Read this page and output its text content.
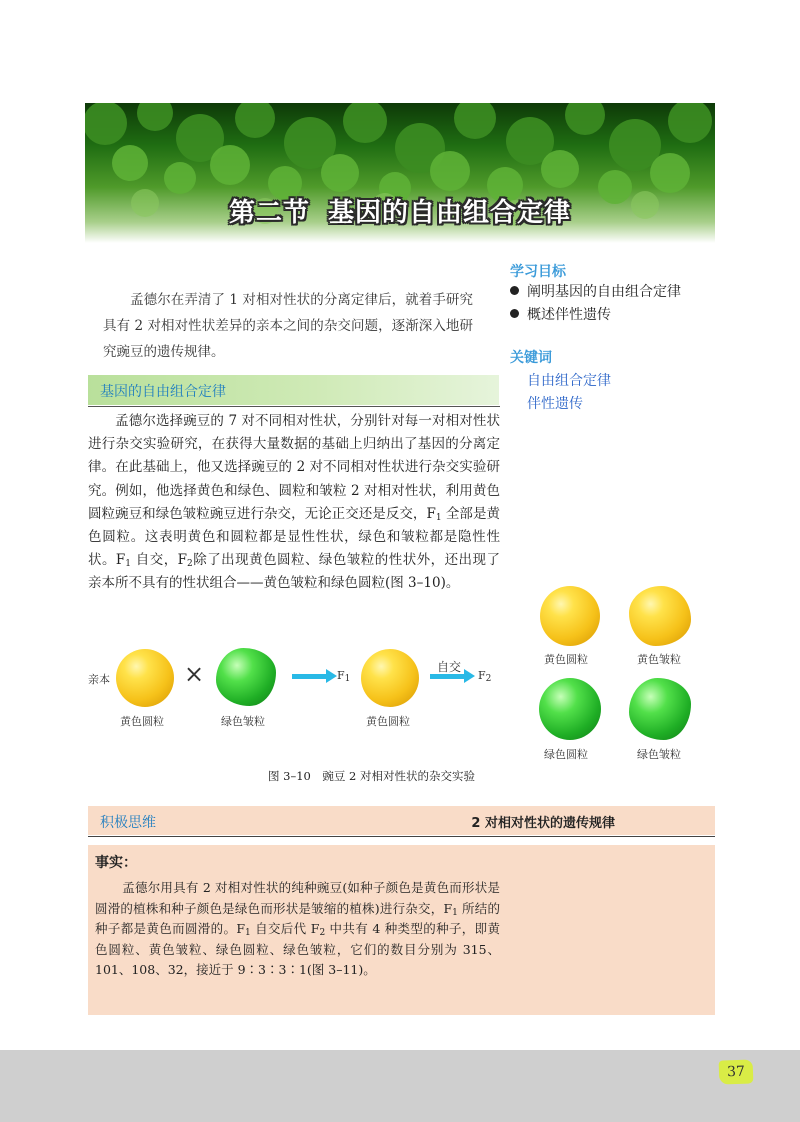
第二节 基因的自由组合定律
孟德尔在弄清了 1 对相对性状的分离定律后，就着手研究具有 2 对相对性状差异的亲本之间的杂交问题，逐渐深入地研究豌豆的遗传规律。
学习目标
阐明基因的自由组合定律
概述伴性遗传
关键词
自由组合定律
伴性遗传
基因的自由组合定律
孟德尔选择豌豆的 7 对不同相对性状，分别针对每一对相对性状进行杂交实验研究，在获得大量数据的基础上归纳出了基因的分离定律。在此基础上，他又选择豌豆的 2 对不同相对性状进行杂交实验研究。例如，他选择黄色和绿色、圆粒和皱粒 2 对相对性状，利用黄色圆粒豌豆和绿色皱粒豌豆进行杂交，无论正交还是反交，$F_1$ 全部是黄色圆粒。这表明黄色和圆粒都是显性性状，绿色和皱粒都是隐性性状。$F_1$ 自交，$F_2$除了出现黄色圆粒、绿色皱粒的性状外，还出现了亲本所不具有的性状组合——黄色皱粒和绿色圆粒(图 3–10)。
亲本
黄色圆粒
×
绿色皱粒
$F_1$
黄色圆粒
自交
$F_2$
黄色圆粒	黄色皱粒
绿色圆粒	绿色皱粒
图 3–10　豌豆 2 对相对性状的杂交实验
积极思维	2 对相对性状的遗传规律
事实：
孟德尔用具有 2 对相对性状的纯种豌豆(如种子颜色是黄色而形状是圆滑的植株和种子颜色是绿色而形状是皱缩的植株)进行杂交，$F_1$ 所结的种子都是黄色而圆滑的。$F_1$ 自交后代 $F_2$ 中共有 4 种类型的种子，即黄色圆粒、黄色皱粒、绿色圆粒、绿色皱粒，它们的数目分别为 315、101、108、32，接近于 9∶3∶3∶1(图 3–11)。
37
